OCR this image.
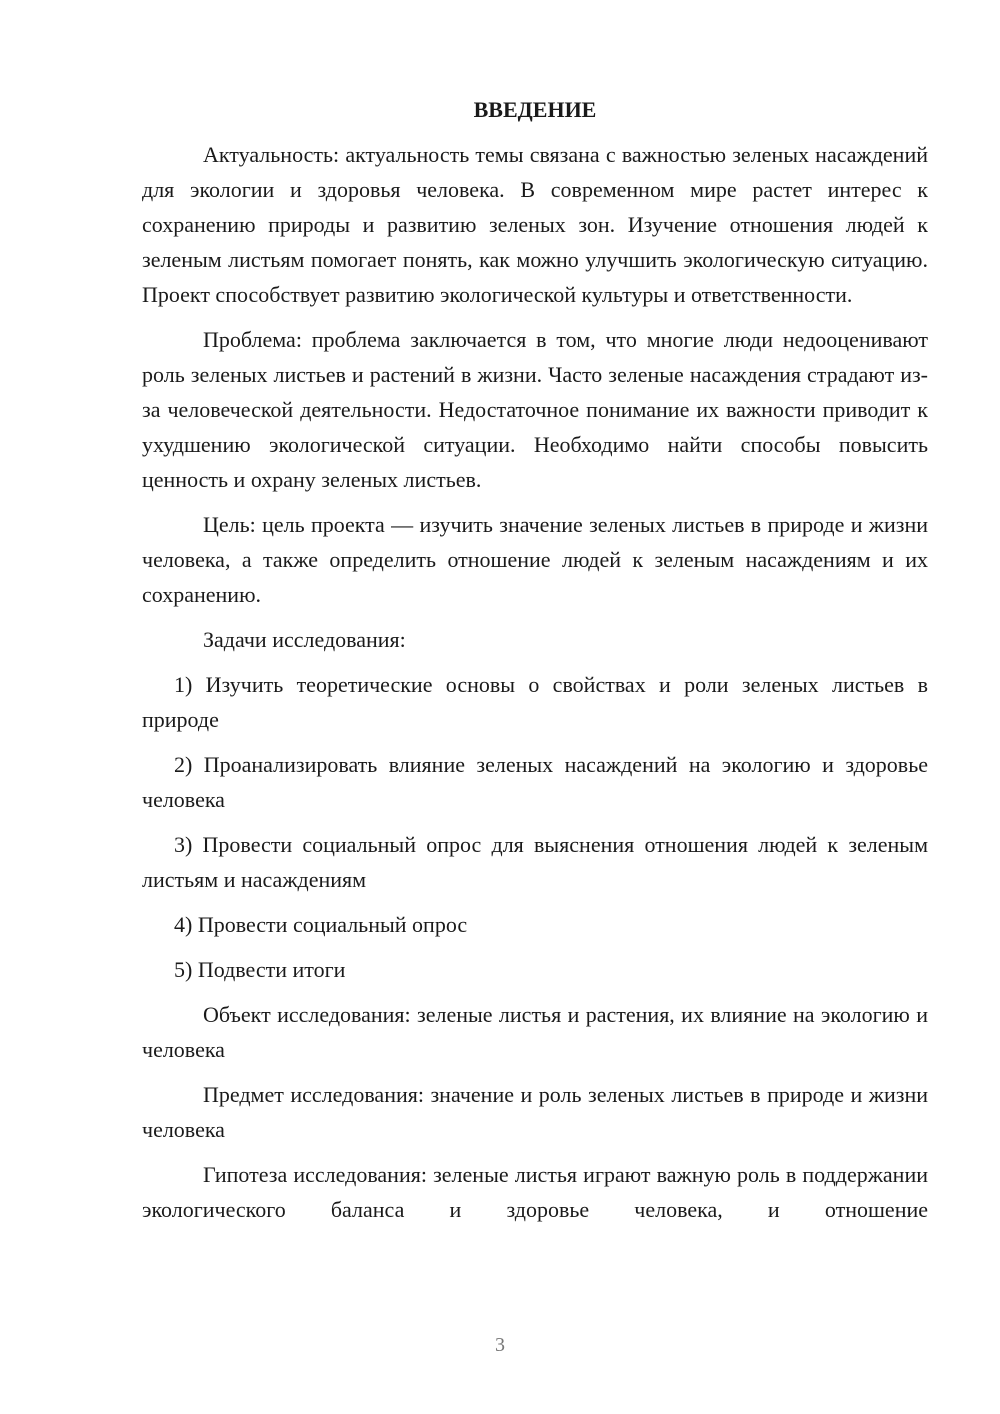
ВВЕДЕНИЕ

Актуальность: актуальность темы связана с важностью зеленых насаждений для экологии и здоровья человека. В современном мире растет интерес к сохранению природы и развитию зеленых зон. Изучение отношения людей к зеленым листьям помогает понять, как можно улучшить экологическую ситуацию. Проект способствует развитию экологической культуры и ответственности.

Проблема: проблема заключается в том, что многие люди недооценивают роль зеленых листьев и растений в жизни. Часто зеленые насаждения страдают из-за человеческой деятельности. Недостаточное понимание их важности приводит к ухудшению экологической ситуации. Необходимо найти способы повысить ценность и охрану зеленых листьев.

Цель: цель проекта — изучить значение зеленых листьев в природе и жизни человека, а также определить отношение людей к зеленым насаждениям и их сохранению.

Задачи исследования:

1) Изучить теоретические основы о свойствах и роли зеленых листьев в природе

2) Проанализировать влияние зеленых насаждений на экологию и здоровье человека

3) Провести социальный опрос для выяснения отношения людей к зеленым листьям и насаждениям

4) Провести социальный опрос

5) Подвести итоги

Объект исследования: зеленые листья и растения, их влияние на экологию и человека

Предмет исследования: значение и роль зеленых листьев в природе и жизни человека

Гипотеза исследования: зеленые листья играют важную роль в поддержании экологического баланса и здоровье человека, и отношение

3
